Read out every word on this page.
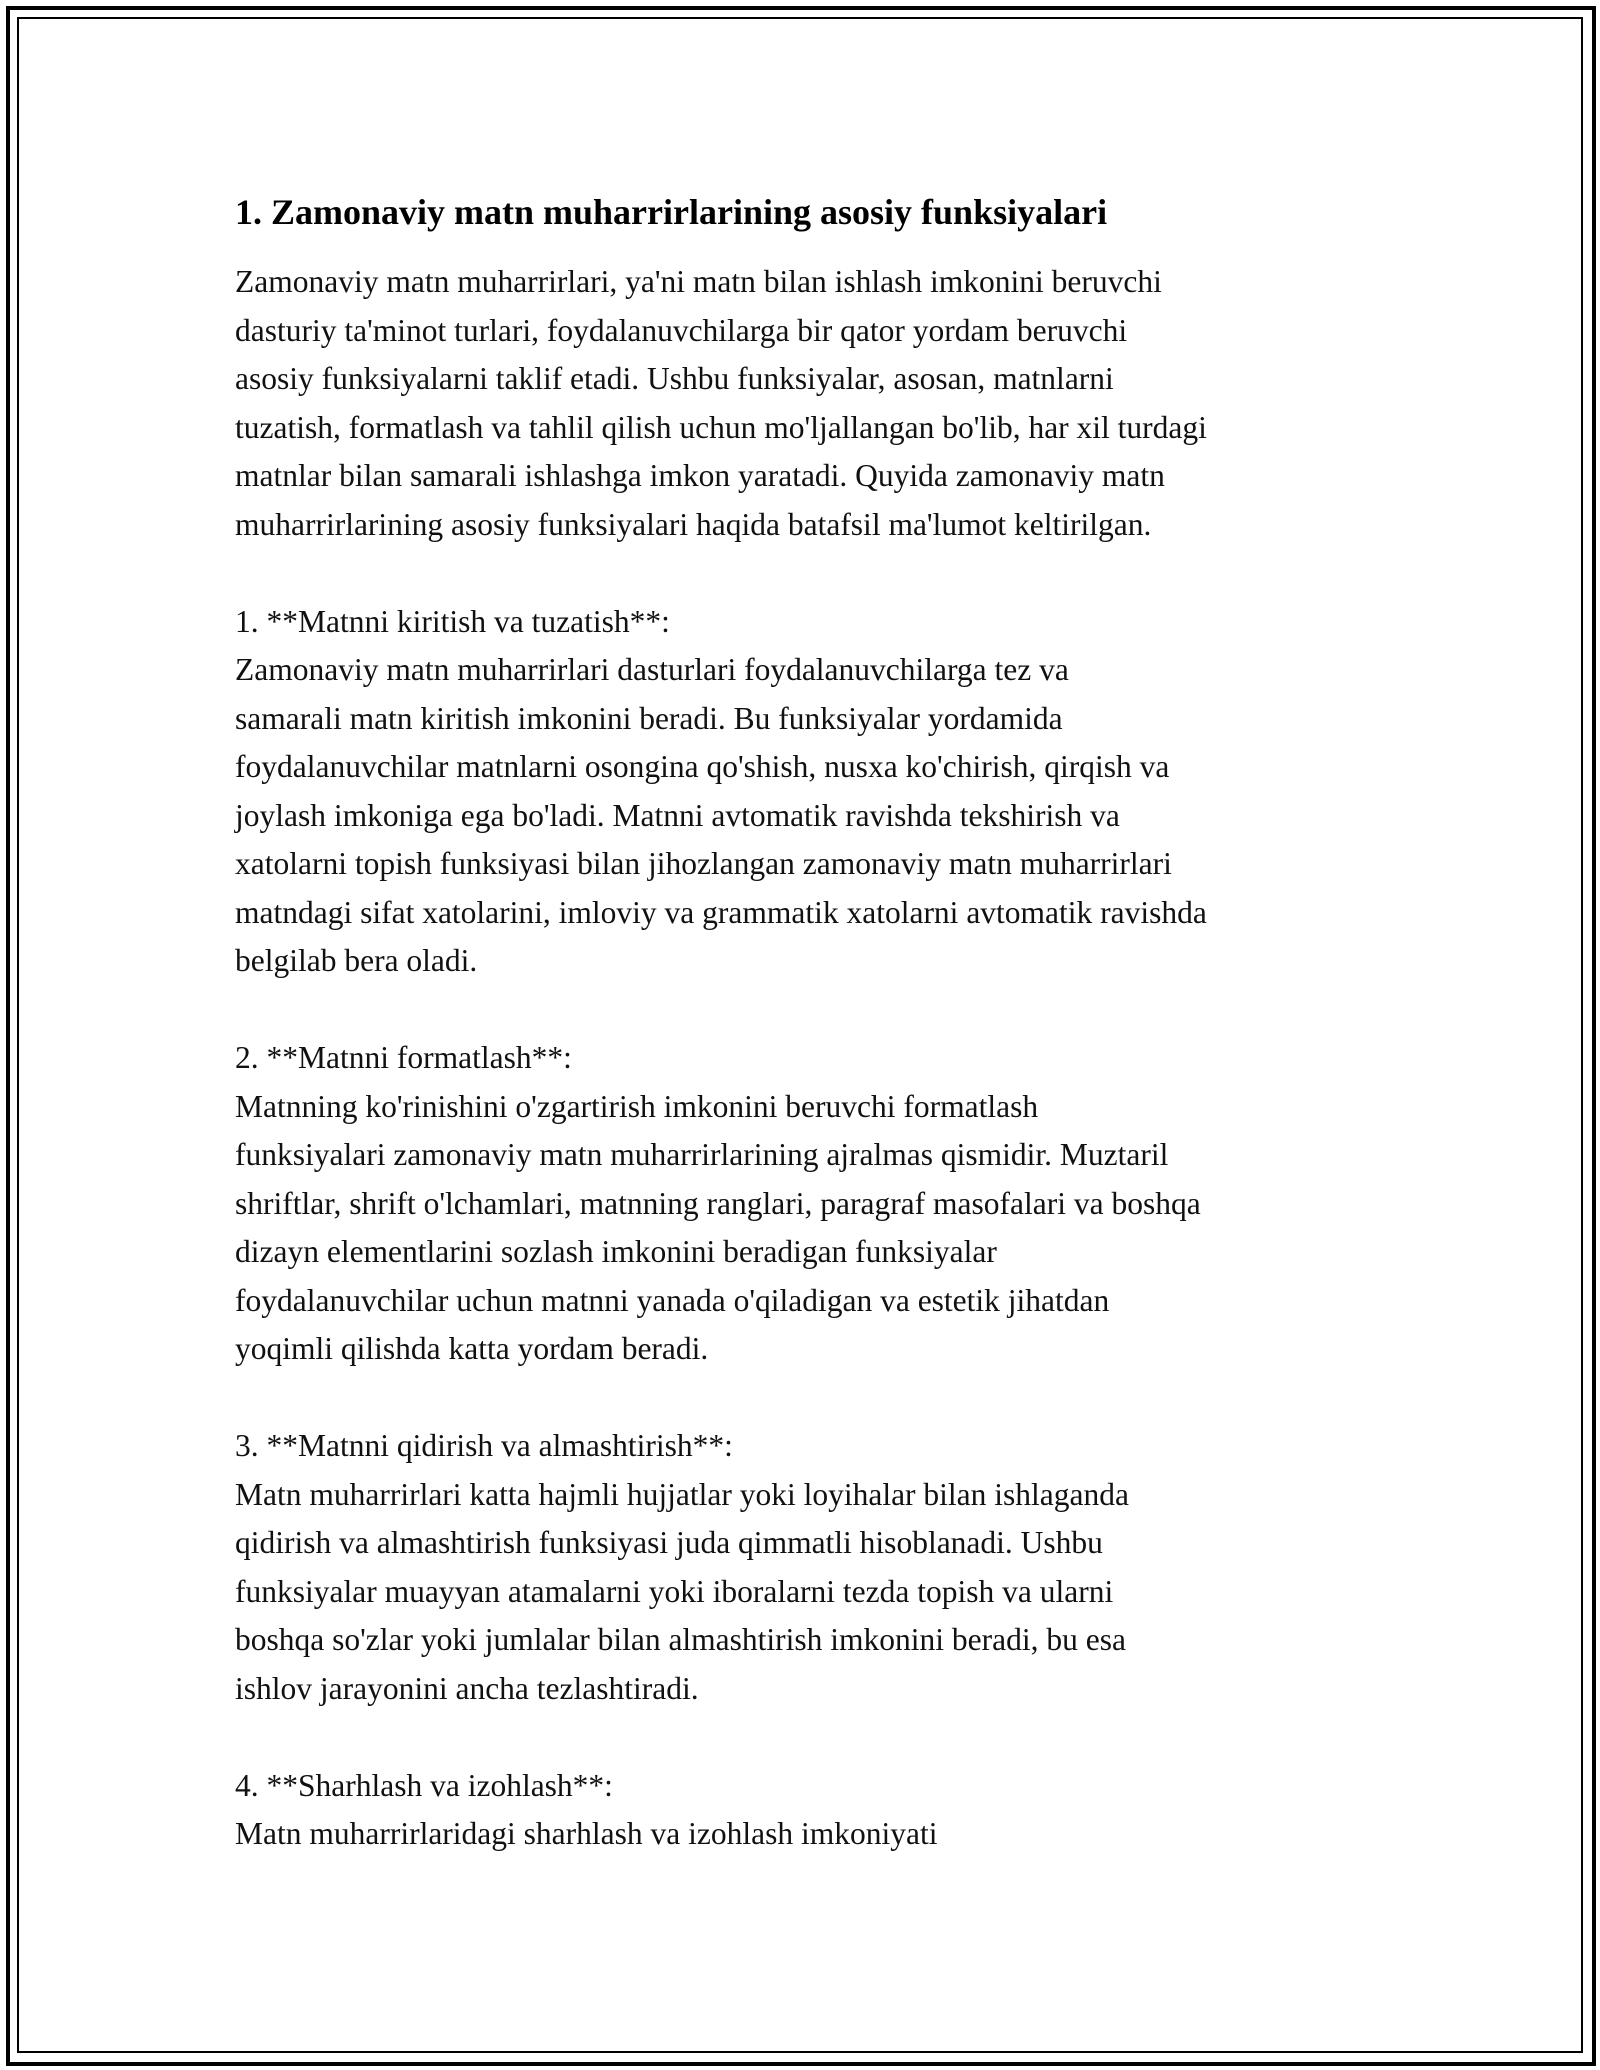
1. Zamonaviy matn muharrirlarining asosiy funksiyalari

Zamonaviy matn muharrirlari, ya'ni matn bilan ishlash imkonini beruvchi
dasturiy ta'minot turlari, foydalanuvchilarga bir qator yordam beruvchi
asosiy funksiyalarni taklif etadi. Ushbu funksiyalar, asosan, matnlarni
tuzatish, formatlash va tahlil qilish uchun mo'ljallangan bo'lib, har xil turdagi
matnlar bilan samarali ishlashga imkon yaratadi. Quyida zamonaviy matn
muharrirlarining asosiy funksiyalari haqida batafsil ma'lumot keltirilgan.

1. **Matnni kiritish va tuzatish**:

Zamonaviy matn muharrirlari dasturlari foydalanuvchilarga tez va
samarali matn kiritish imkonini beradi. Bu funksiyalar yordamida
foydalanuvchilar matnlarni osongina qo'shish, nusxa ko'chirish, qirqish va
joylash imkoniga ega bo'ladi. Matnni avtomatik ravishda tekshirish va
xatolarni topish funksiyasi bilan jihozlangan zamonaviy matn muharrirlari
matndagi sifat xatolarini, imloviy va grammatik xatolarni avtomatik ravishda
belgilab bera oladi.

2. **Matnni formatlash**:

Matnning ko'rinishini o'zgartirish imkonini beruvchi formatlash
funksiyalari zamonaviy matn muharrirlarining ajralmas qismidir. Muztaril
shriftlar, shrift o'lchamlari, matnning ranglari, paragraf masofalari va boshqa
dizayn elementlarini sozlash imkonini beradigan funksiyalar
foydalanuvchilar uchun matnni yanada o'qiladigan va estetik jihatdan
yoqimli qilishda katta yordam beradi.

3. **Matnni qidirish va almashtirish**:

Matn muharrirlari katta hajmli hujjatlar yoki loyihalar bilan ishlaganda
qidirish va almashtirish funksiyasi juda qimmatli hisoblanadi. Ushbu
funksiyalar muayyan atamalarni yoki iboralarni tezda topish va ularni
boshqa so'zlar yoki jumlalar bilan almashtirish imkonini beradi, bu esa
ishlov jarayonini ancha tezlashtiradi.

4. **Sharhlash va izohlash**:

Matn muharrirlaridagi sharhlash va izohlash imkoniyati
